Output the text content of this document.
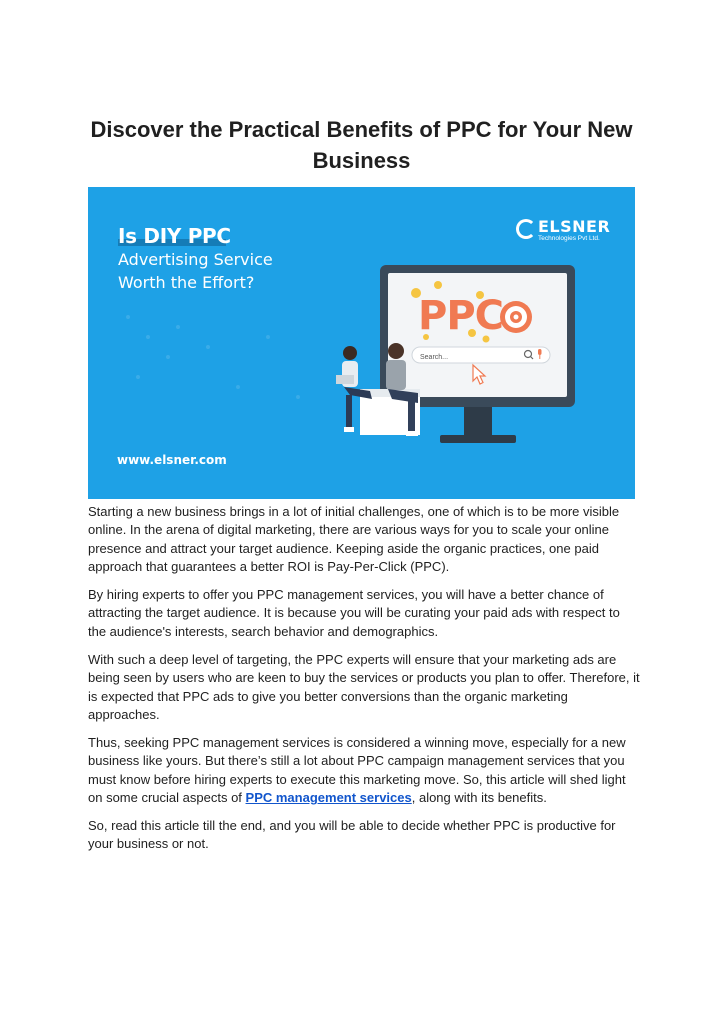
Discover the Practical Benefits of PPC for Your New Business
Is DIY PPC
Advertising Service
Worth the Effort?
ELSNER
Technologies Pvt Ltd.
PPC
Search...
www.elsner.com

Starting a new business brings in a lot of initial challenges, one of which is to be more visible online. In the arena of digital marketing, there are various ways for you to scale your online presence and attract your target audience. Keeping aside the organic practices, one paid approach that guarantees a better ROI is Pay-Per-Click (PPC).

By hiring experts to offer you PPC management services, you will have a better chance of attracting the target audience. It is because you will be curating your paid ads with respect to the audience's interests, search behavior and demographics.

With such a deep level of targeting, the PPC experts will ensure that your marketing ads are being seen by users who are keen to buy the services or products you plan to offer. Therefore, it is expected that PPC ads to give you better conversions than the organic marketing approaches.

Thus, seeking PPC management services is considered a winning move, especially for a new business like yours. But there’s still a lot about PPC campaign management services that you must know before hiring experts to execute this marketing move. So, this article will shed light on some crucial aspects of PPC management services, along with its benefits.

So, read this article till the end, and you will be able to decide whether PPC is productive for your business or not.
